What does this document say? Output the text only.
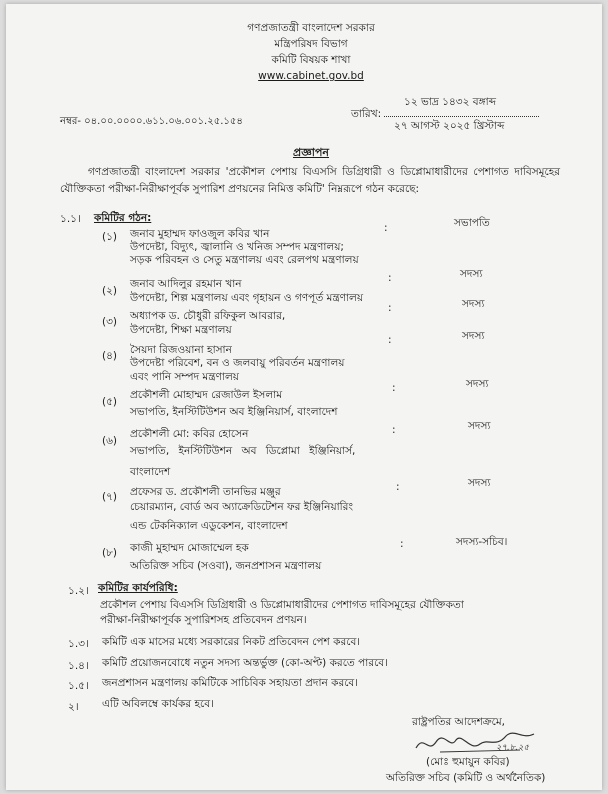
গণপ্রজাতন্ত্রী বাংলাদেশ সরকার
মন্ত্রিপরিষদ বিভাগ
কমিটি বিষয়ক শাখা
www.cabinet.gov.bd
১২ ভাদ্র ১৪৩২ বঙ্গাব্দ
তারিখ:
২৭ আগস্ট ২০২৫ খ্রিস্টাব্দ
নম্বর- ০৪.০০.০০০০.৬১১.০৬.০০১.২৫.১৫৪
প্রজ্ঞাপন
গণপ্রজাতন্ত্রী বাংলাদেশ সরকার 'প্রকৌশল পেশায় বিএসসি ডিগ্রিধারী ও ডিপ্লোমাধারীদের পেশাগত দাবিসমূহের যৌক্তিকতা পরীক্ষা-নিরীক্ষাপূর্বক সুপারিশ প্রণয়নের নিমিত্ত কমিটি' নিম্নরূপে গঠন করেছে:
১.১। কমিটির গঠন:
(১) জনাব মুহাম্মদ ফাওজুল কবির খান
উপদেষ্টা, বিদ্যুৎ, জ্বালানি ও খনিজ সম্পদ মন্ত্রণালয়;
সড়ক পরিবহন ও সেতু মন্ত্রণালয় এবং রেলপথ মন্ত্রণালয়
:	সভাপতি
(২)
জনাব আদিলুর রহমান খান
উপদেষ্টা, শিল্প মন্ত্রণালয় এবং গৃহায়ন ও গণপূর্ত মন্ত্রণালয়
:	সদস্য
(৩) অধ্যাপক ড. চৌধুরী রফিকুল আবরার,
উপদেষ্টা, শিক্ষা মন্ত্রণালয়
:	সদস্য
(৪) সৈয়দা রিজওয়ানা হাসান
উপদেষ্টা পরিবেশ, বন ও জলবায়ু পরিবর্তন মন্ত্রণালয়
এবং পানি সম্পদ মন্ত্রণালয়
:	সদস্য
(৫)
প্রকৌশলী মোহাম্মদ রেজাউল ইসলাম
সভাপতি, ইনস্টিটিউশন অব ইঞ্জিনিয়ার্স, বাংলাদেশ
:	সদস্য
(৬)
প্রকৌশলী মো: কবির হোসেন
সভাপতি, ইনস্টিটিউশন অব ডিপ্লোমা ইঞ্জিনিয়ার্স,
বাংলাদেশ
:	সদস্য
(৭) প্রফেসর ড. প্রকৌশলী তানভির মঞ্জুর
চেয়ারম্যান, বোর্ড অব অ্যাক্রেডিটেশন ফর ইঞ্জিনিয়ারিং
এন্ড টেকনিক্যাল এডুকেশন, বাংলাদেশ
:	সদস্য
(৮) কাজী মুহাম্মদ মোজাম্মেল হক
অতিরিক্ত সচিব (সওবা), জনপ্রশাসন মন্ত্রণালয়
:	সদস্য-সচিব।
১.২। কমিটির কার্যপরিধি:
প্রকৌশল পেশায় বিএসসি ডিগ্রিধারী ও ডিপ্লোমাধারীদের পেশাগত দাবিসমূহের যৌক্তিকতা
পরীক্ষা-নিরীক্ষাপূর্বক সুপারিশসহ প্রতিবেদন প্রণয়ন।
১.৩। কমিটি এক মাসের মধ্যে সরকারের নিকট প্রতিবেদন পেশ করবে।
১.৪। কমিটি প্রয়োজনবোধে নতুন সদস্য অন্তর্ভুক্ত (কো-অপ্ট) করতে পারবে।
১.৫। জনপ্রশাসন মন্ত্রণালয় কমিটিকে সাচিবিক সহায়তা প্রদান করবে।
২। এটি অবিলম্বে কার্যকর হবে।
রাষ্ট্রপতির আদেশক্রমে,
২৭.৮.২৫
(মোঃ হুমায়ুন কবির)
অতিরিক্ত সচিব (কমিটি ও অর্থনৈতিক)
